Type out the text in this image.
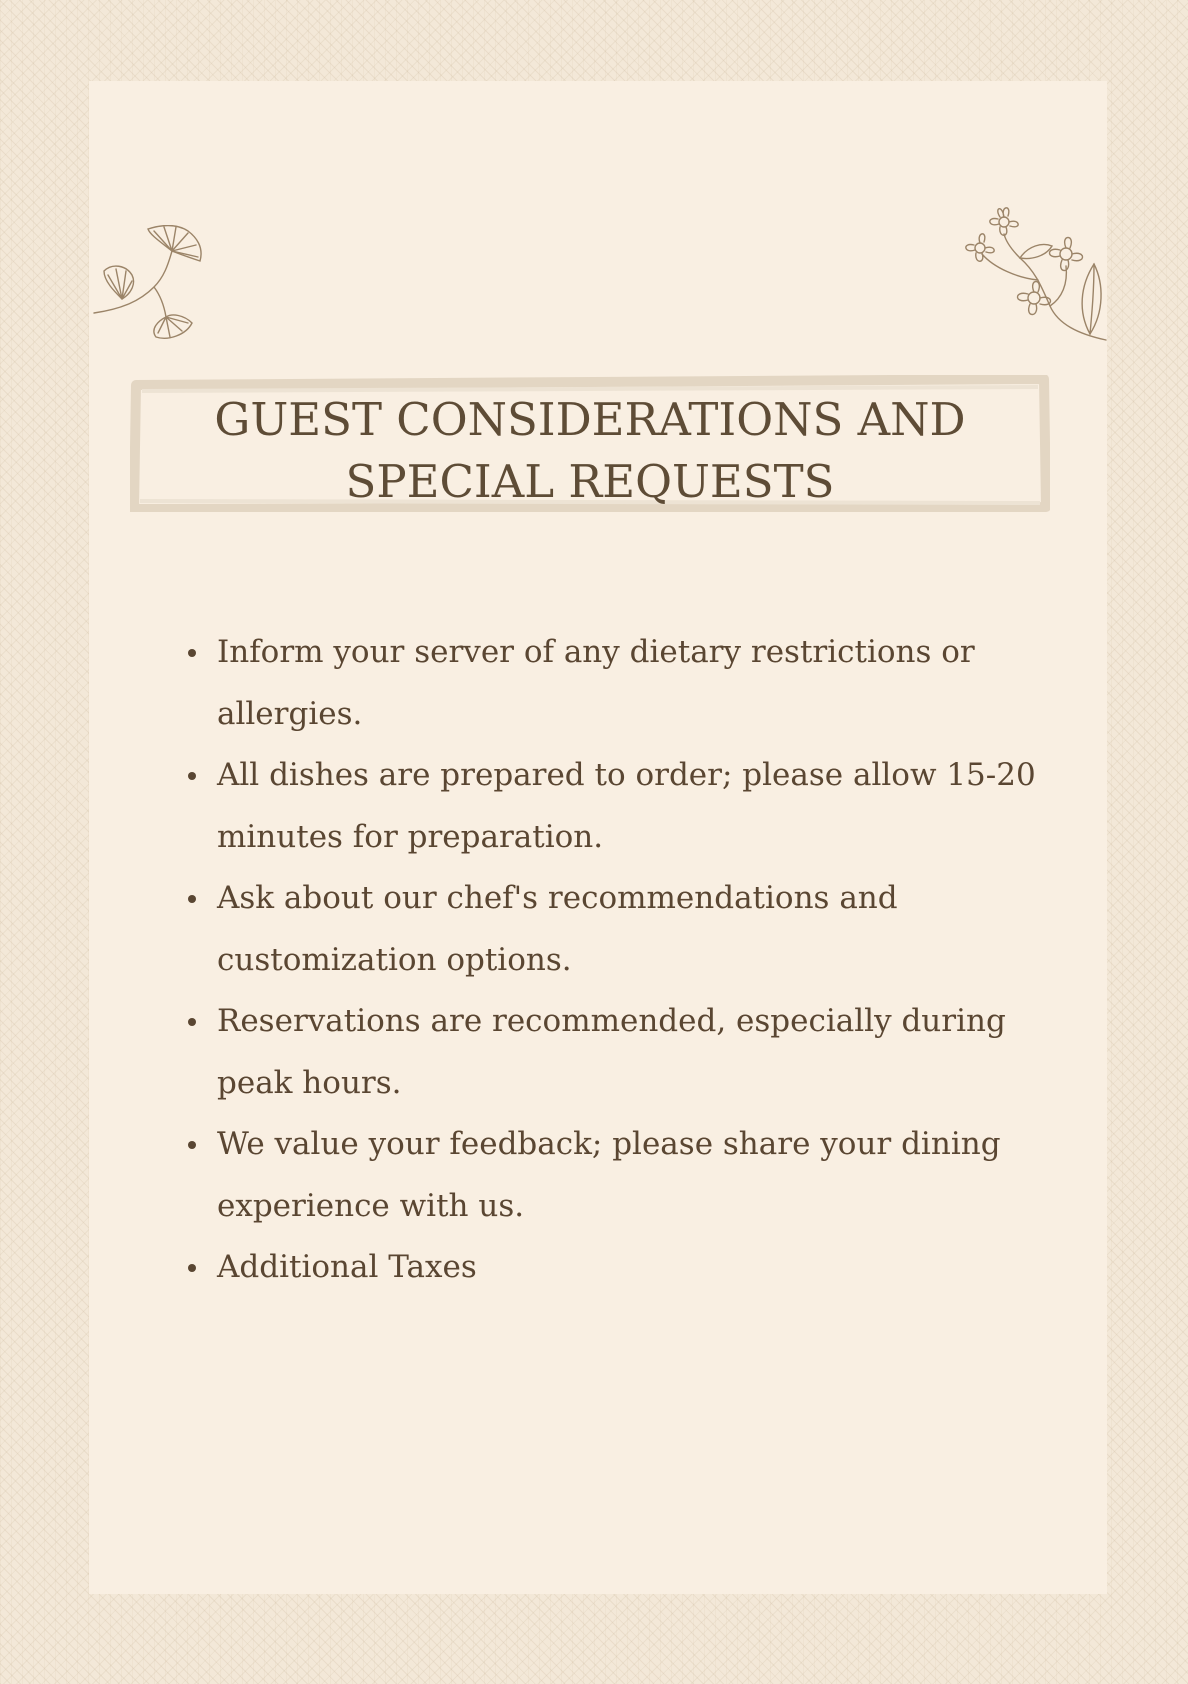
GUEST CONSIDERATIONS AND SPECIAL REQUESTS
Inform your server of any dietary restrictions or allergies.
All dishes are prepared to order; please allow 15-20 minutes for preparation.
Ask about our chef's recommendations and customization options.
Reservations are recommended, especially during peak hours.
We value your feedback; please share your dining experience with us.
Additional Taxes
